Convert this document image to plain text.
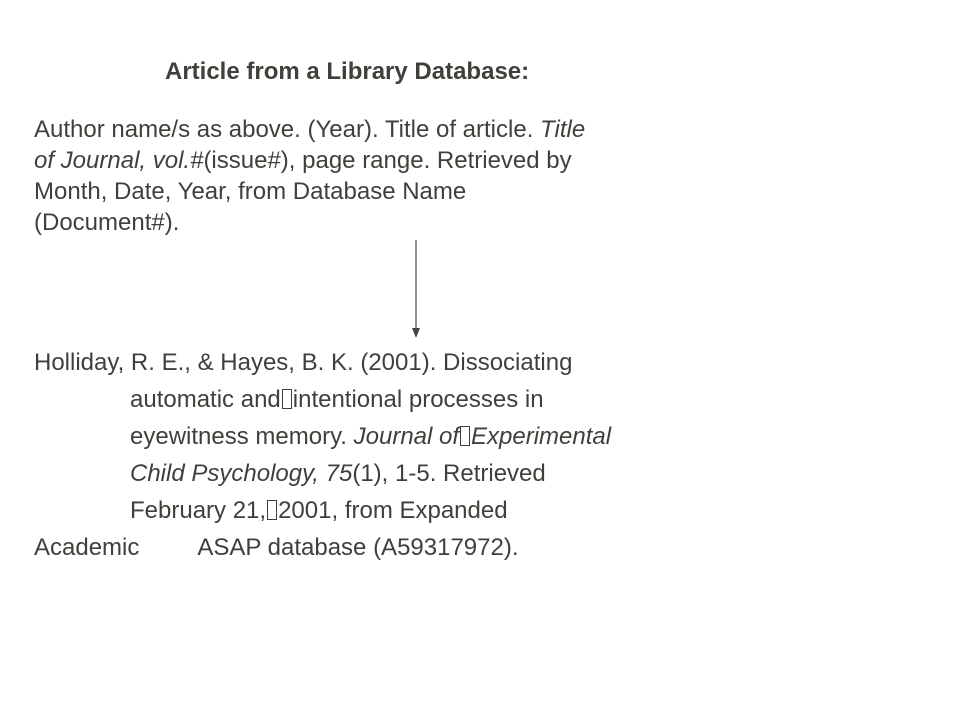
Article from a Library Database:
Author name/s as above. (Year). Title of article. Title
of Journal, vol.#(issue#), page range. Retrieved by
Month, Date, Year, from Database Name
(Document#).
Holliday, R. E., & Hayes, B. K. (2001). Dissociating
automatic and intentional processes in
eyewitness memory. Journal of Experimental
Child Psychology, 75(1), 1-5. Retrieved
February 21, 2001, from Expanded
Academic ASAP database (A59317972).
